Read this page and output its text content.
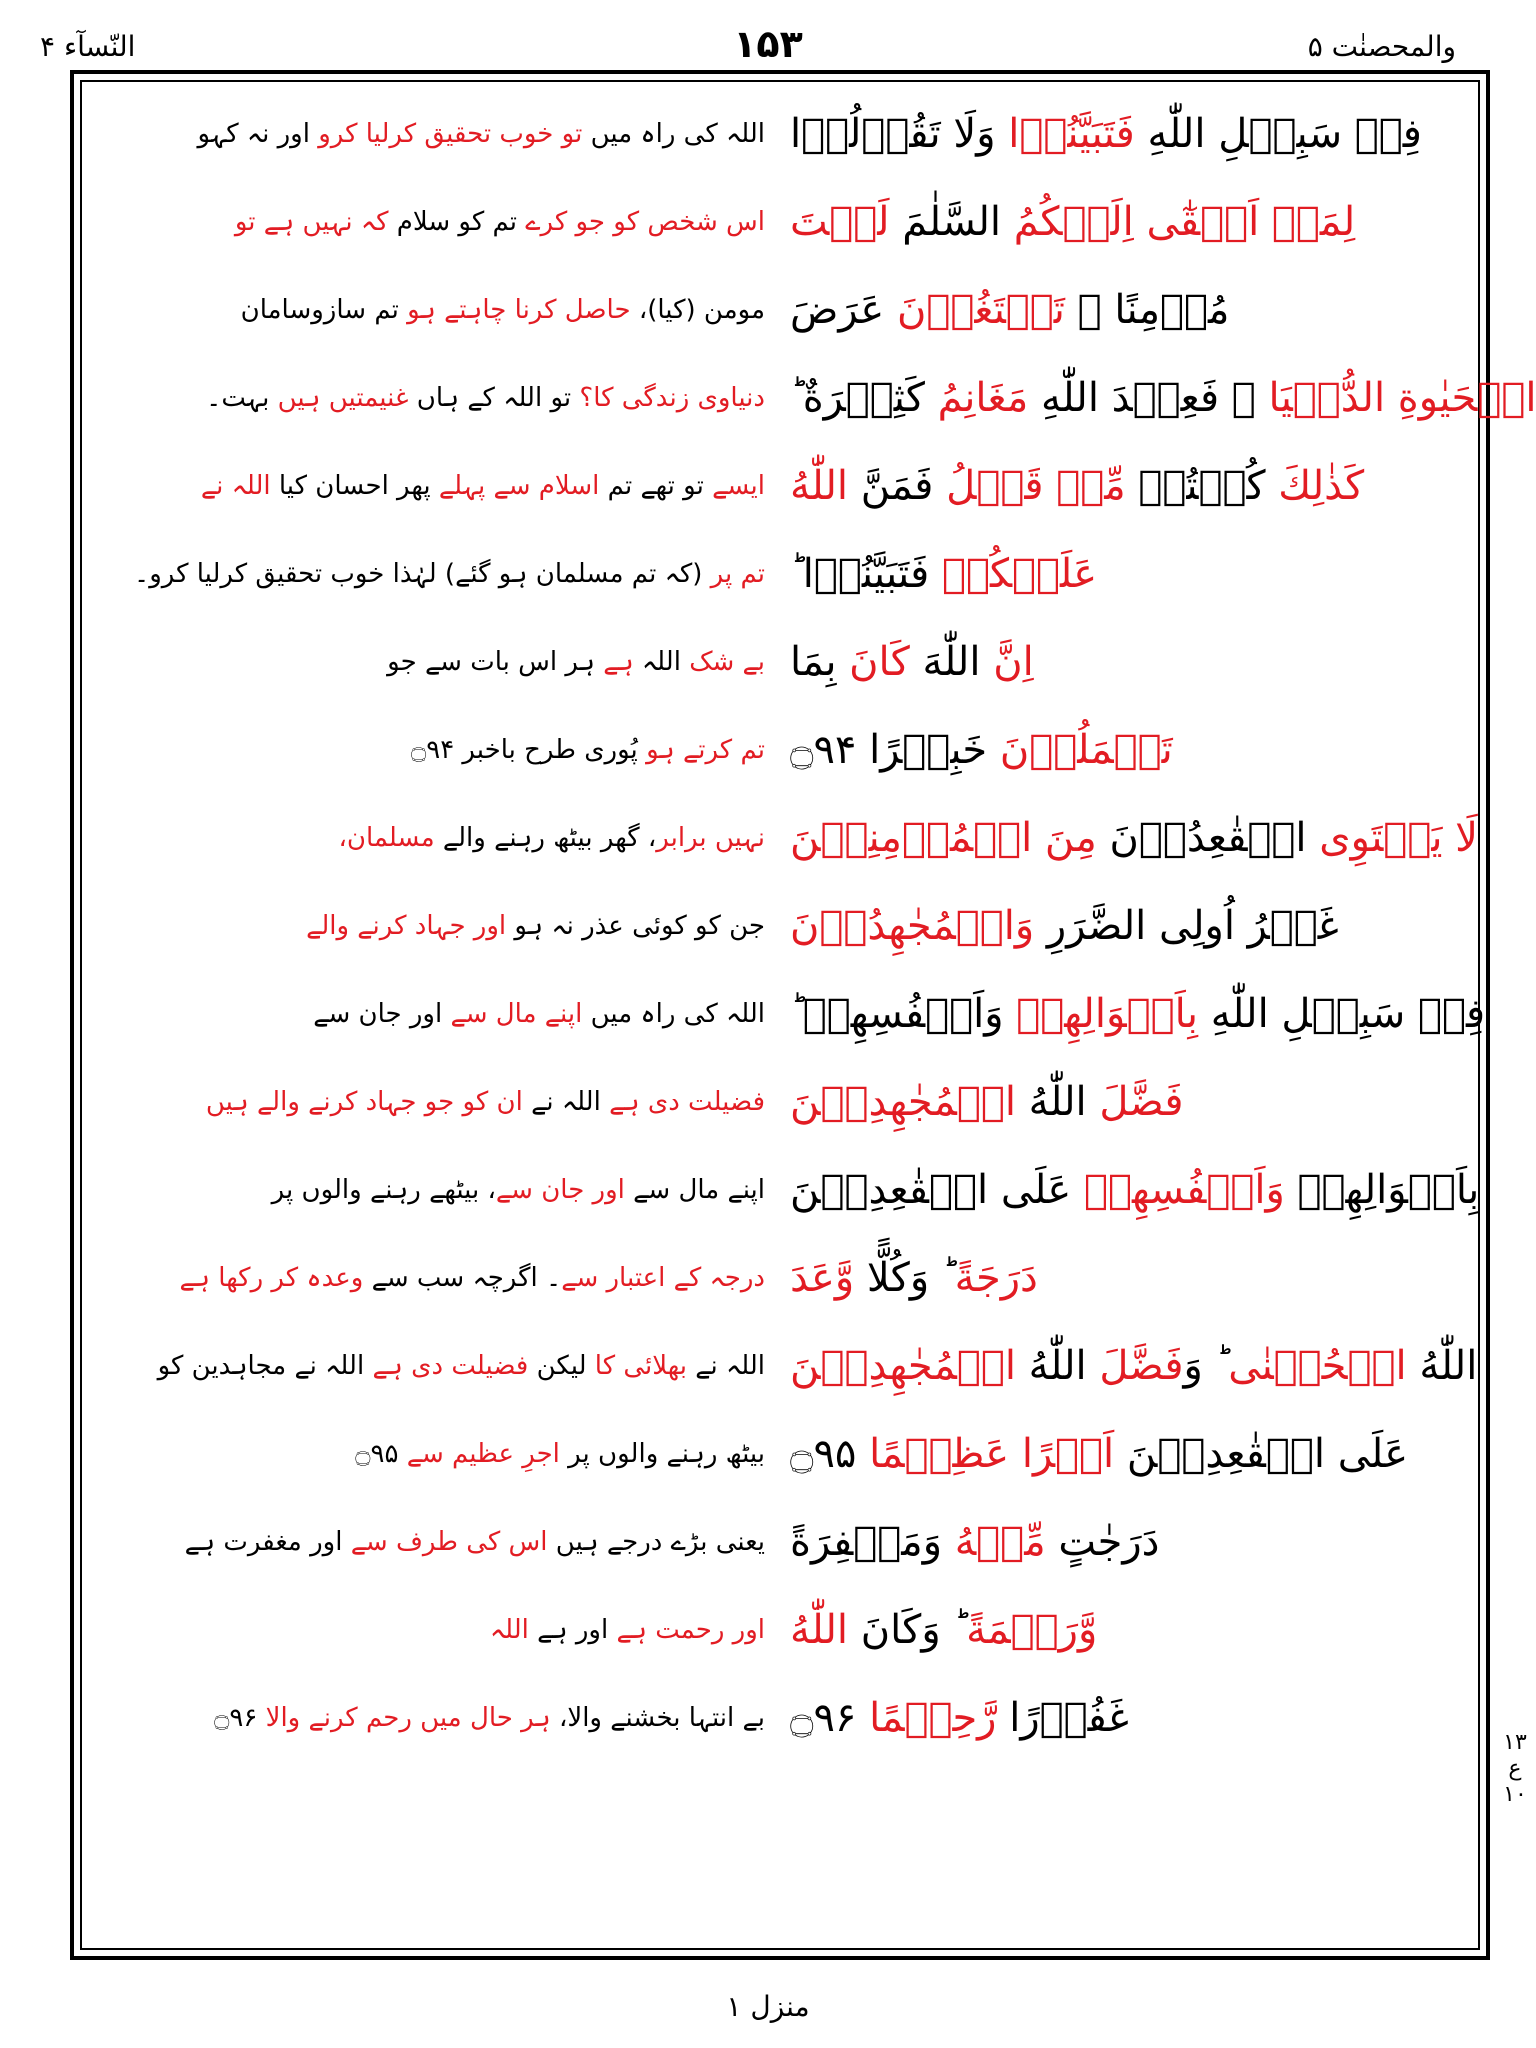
النّسآء ۴	۱۵۳	والمحصنٰت ۵
فِيۡ سَبِيۡلِ اللّٰهِ فَتَبَيَّنُوۡا وَلَا تَقُوۡلُوۡا
لِمَنۡ اَلۡقٰٓى اِلَيۡكُمُ السَّلٰمَ لَسۡتَ
مُؤۡمِنًا ۚ تَبۡتَغُوۡنَ عَرَضَ
الۡحَيٰوةِ الدُّنۡيَا ۚ فَعِنۡدَ اللّٰهِ مَغَانِمُ كَثِيۡرَةٌ ؕ
كَذٰلِكَ كُنۡتُمۡ مِّنۡ قَبۡلُ فَمَنَّ اللّٰهُ
عَلَيۡكُمۡ فَتَبَيَّنُوۡا ؕ
اِنَّ اللّٰهَ كَانَ بِمَا
تَعۡمَلُوۡنَ خَبِيۡرًا ۝۹۴
لَا يَسۡتَوِى الۡقٰعِدُوۡنَ مِنَ الۡمُؤۡمِنِيۡنَ
غَيۡرُ اُولِى الضَّرَرِ وَالۡمُجٰهِدُوۡنَ
فِيۡ سَبِيۡلِ اللّٰهِ بِاَمۡوَالِهِمۡ وَاَنۡفُسِهِمۡ ؕ
فَضَّلَ اللّٰهُ الۡمُجٰهِدِيۡنَ
بِاَمۡوَالِهِمۡ وَاَنۡفُسِهِمۡ عَلَى الۡقٰعِدِيۡنَ
دَرَجَةً ؕ وَكُلًّا وَّعَدَ
اللّٰهُ الۡحُسۡنٰى ؕ وَفَضَّلَ اللّٰهُ الۡمُجٰهِدِيۡنَ
عَلَى الۡقٰعِدِيۡنَ اَجۡرًا عَظِيۡمًا ۝۹۵
دَرَجٰتٍ مِّنۡهُ وَمَغۡفِرَةً
وَّرَحۡمَةً ؕ وَكَانَ اللّٰهُ
غَفُوۡرًا رَّحِيۡمًا ۝۹۶
اللہ کی راہ میں تو خوب تحقیق کرلیا کرو اور نہ کہو
اس شخص کو جو کرے تم کو سلام کہ نہیں ہے تو
مومن (کیا)، حاصل کرنا چاہتے ہو تم سازوسامان
دنیاوی زندگی کا؟ تو اللہ کے ہاں غنیمتیں ہیں بہت۔
ایسے تو تھے تم اسلام سے پہلے پھر احسان کیا اللہ نے
تم پر (کہ تم مسلمان ہو گئے) لہٰذا خوب تحقیق کرلیا کرو۔
بے شک اللہ ہے ہر اس بات سے جو
تم کرتے ہو پُوری طرح باخبر ۝۹۴
نہیں برابر، گھر بیٹھ رہنے والے مسلمان،
جن کو کوئی عذر نہ ہو اور جہاد کرنے والے
اللہ کی راہ میں اپنے مال سے اور جان سے
فضیلت دی ہے اللہ نے ان کو جو جہاد کرنے والے ہیں
اپنے مال سے اور جان سے، بیٹھے رہنے والوں پر
درجہ کے اعتبار سے۔ اگرچہ سب سے وعدہ کر رکھا ہے
اللہ نے بھلائی کا لیکن فضیلت دی ہے اللہ نے مجاہدین کو
بیٹھ رہنے والوں پر اجرِ عظیم سے ۝۹۵
یعنی بڑے درجے ہیں اس کی طرف سے اور مغفرت ہے
اور رحمت ہے اور ہے اللہ
بے انتہا بخشنے والا، ہر حال میں رحم کرنے والا ۝۹۶
۱۳
ع
۱۰
منزل ۱
